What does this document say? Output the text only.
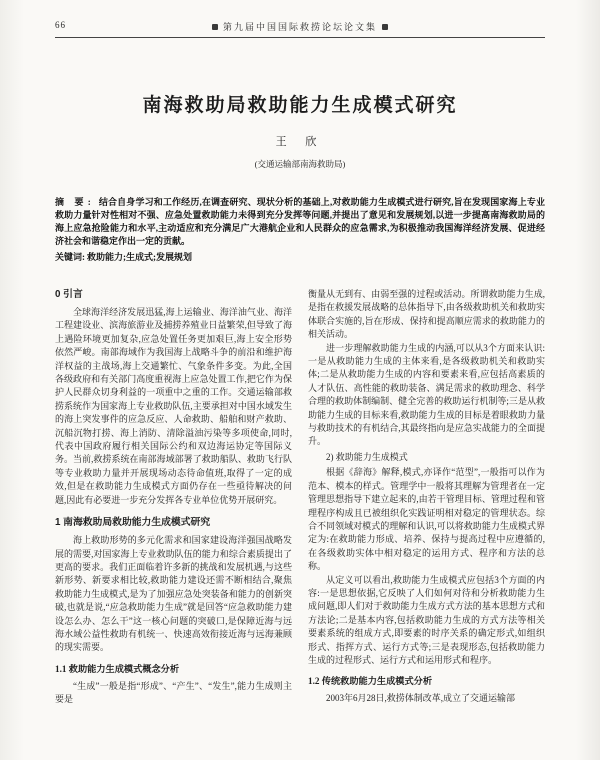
66	第九届中国国际救捞论坛论文集
南海救助局救助能力生成模式研究
王 欣
(交通运输部南海救助局)
摘 要: 结合自身学习和工作经历,在调查研究、现状分析的基础上,对救助能力生成模式进行研究,旨在发现国家海上专业救助力量针对性相对不强、应急处置救助能力未得到充分发挥等问题,并提出了意见和发展规划,以进一步提高南海救助局的海上应急抢险能力和水平,主动适应和充分满足广大港航企业和人民群众的应急需求,为积极推动我国海洋经济发展、促进经济社会和谐稳定作出一定的贡献。
关键词: 救助能力;生成式;发展规划
0 引言

全球海洋经济发展迅猛,海上运输业、海洋油气业、海洋工程建设业、滨海旅游业及捕捞养殖业日益繁荣,但导致了海上遇险环境更加复杂,应急处置任务更加艰巨,海上安全形势依然严峻。南部海域作为我国海上战略斗争的前沿和维护海洋权益的主战场,海上交通繁忙、气象条件多变。为此,全国各级政府和有关部门高度重视海上应急处置工作,把它作为保护人民群众切身利益的一项重中之重的工作。交通运输部救捞系统作为国家海上专业救助队伍,主要承担对中国水域发生的海上突发事件的应急反应、人命救助、船舶和财产救助、沉船沉物打捞、海上消防、清除溢油污染等多项使命,同时,代表中国政府履行相关国际公约和双边海运协定等国际义务。当前,救捞系统在南部海域部署了救助船队、救助飞行队等专业救助力量并开展现场动态待命值班,取得了一定的成效,但是在救助能力生成模式方面仍存在一些亟待解决的问题,因此有必要进一步充分发挥各专业单位优势开展研究。

1 南海救助局救助能力生成模式研究

海上救助形势的多元化需求和国家建设海洋强国战略发展的需要,对国家海上专业救助队伍的能力和综合素质提出了更高的要求。我们正面临着许多新的挑战和发展机遇,与这些新形势、新要求相比较,救助能力建设还需不断相结合,聚焦救助能力生成模式,是为了加强应急处突装备和能力的创新突破,也就是说,“应急救助能力生成”就是回答“应急救助能力建设怎么办、怎么干”这一核心问题的突破口,是保障近海与远海水域公益性救助有机统一、快速高效衔接近海与远海兼顾的现实需要。

1.1 救助能力生成模式概念分析

“生成”一般是指“形成”、“产生”、“发生”,能力生成则主要是

衡量从无到有、由弱至强的过程或活动。所谓救助能力生成,是指在救援发展战略的总体指导下,由各级救助机关和救助实体联合实施的,旨在形成、保持和提高顺应需求的救助能力的相关活动。

进一步理解救助能力生成的内涵,可以从3个方面来认识:一是从救助能力生成的主体来看,是各级救助机关和救助实体;二是从救助能力生成的内容和要素来看,应包括高素质的人才队伍、高性能的救助装备、满足需求的救助理念、科学合理的救助体制编制、健全完善的救助运行机制等;三是从救助能力生成的目标来看,救助能力生成的目标是着眼救助力量与救助技术的有机结合,其最终指向是应急实战能力的全面提升。

2) 救助能力生成模式

根据《辞海》解释,模式,亦译作“范型”,一般指可以作为范本、模本的样式。管理学中一般将其理解为管理者在一定管理思想指导下建立起来的,由若干管理目标、管理过程和管理程序构成且已被组织化实践证明相对稳定的管理状态。综合不同领域对模式的理解和认识,可以将救助能力生成模式界定为:在救助能力形成、培养、保持与提高过程中应遵循的,在各级救助实体中相对稳定的运用方式、程序和方法的总称。

从定义可以看出,救助能力生成模式应包括3个方面的内容:一是思想依据,它反映了人们如何对待和分析救助能力生成问题,即人们对于救助能力生成方式方法的基本思想方式和方法论;二是基本内容,包括救助能力生成的方式方法等相关要素系统的组成方式,即要素的时序关系的确定形式,如组织形式、指挥方式、运行方式等;三是表现形态,包括救助能力生成的过程形式、运行方式和运用形式和程序。

1.2 传统救助能力生成模式分析

2003年6月28日,救捞体制改革,成立了交通运输部
